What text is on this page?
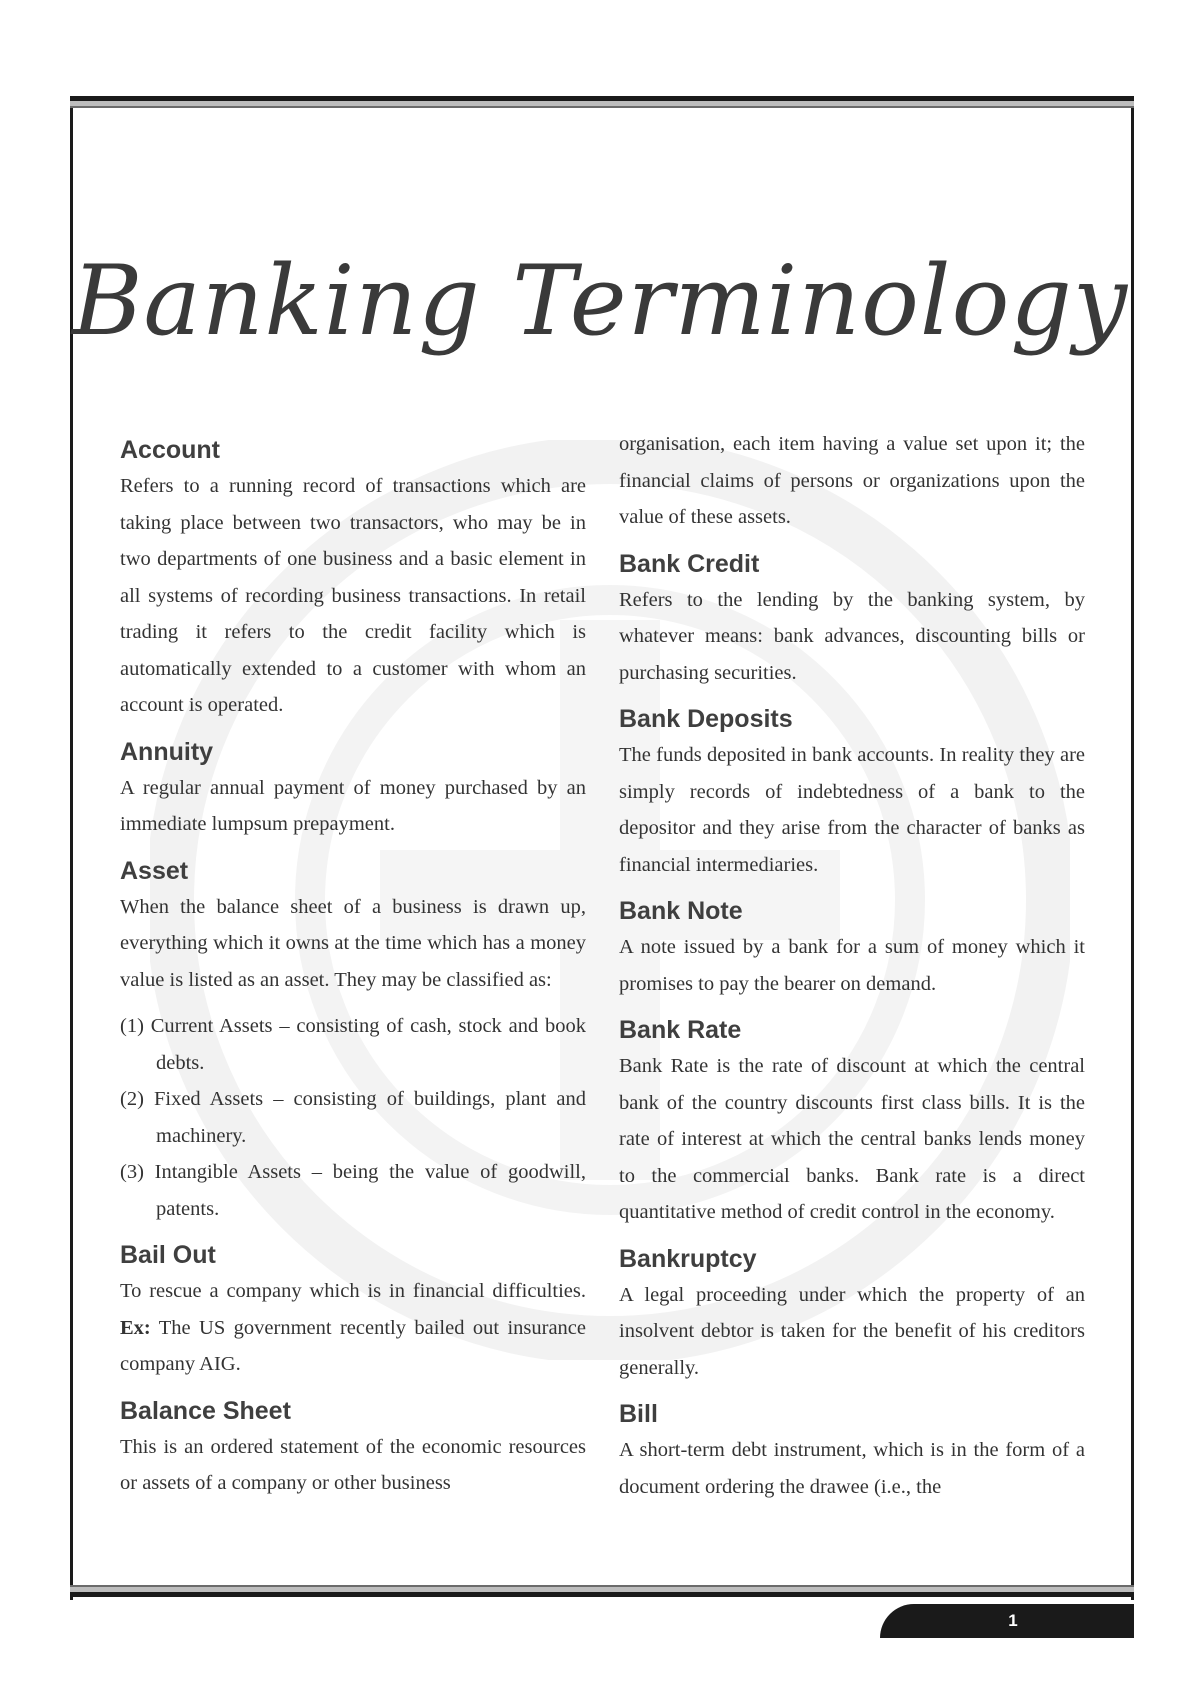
Banking Terminology
Account

Refers to a running record of transactions which are taking place between two transactors, who may be in two departments of one business and a basic element in all systems of recording business transactions. In retail trading it refers to the credit facility which is automatically extended to a customer with whom an account is operated.

Annuity

A regular annual payment of money purchased by an immediate lumpsum prepayment.

Asset

When the balance sheet of a business is drawn up, everything which it owns at the time which has a money value is listed as an asset. They may be classified as:

(1) Current Assets – consisting of cash, stock and book debts.
(2) Fixed Assets – consisting of buildings, plant and machinery.
(3) Intangible Assets – being the value of goodwill, patents.
Bail Out

To rescue a company which is in financial difficulties. Ex: The US government recently bailed out insurance company AIG.

Balance Sheet

This is an ordered statement of the economic resources or assets of a company or other business

organisation, each item having a value set upon it; the financial claims of persons or organizations upon the value of these assets.

Bank Credit

Refers to the lending by the banking system, by whatever means: bank advances, discounting bills or purchasing securities.

Bank Deposits

The funds deposited in bank accounts. In reality they are simply records of indebtedness of a bank to the depositor and they arise from the character of banks as financial intermediaries.

Bank Note

A note issued by a bank for a sum of money which it promises to pay the bearer on demand.

Bank Rate

Bank Rate is the rate of discount at which the central bank of the country discounts first class bills. It is the rate of interest at which the central banks lends money to the commercial banks. Bank rate is a direct quantitative method of credit control in the economy.

Bankruptcy

A legal proceeding under which the property of an insolvent debtor is taken for the benefit of his creditors generally.

Bill

A short-term debt instrument, which is in the form of a document ordering the drawee (i.e., the

1
